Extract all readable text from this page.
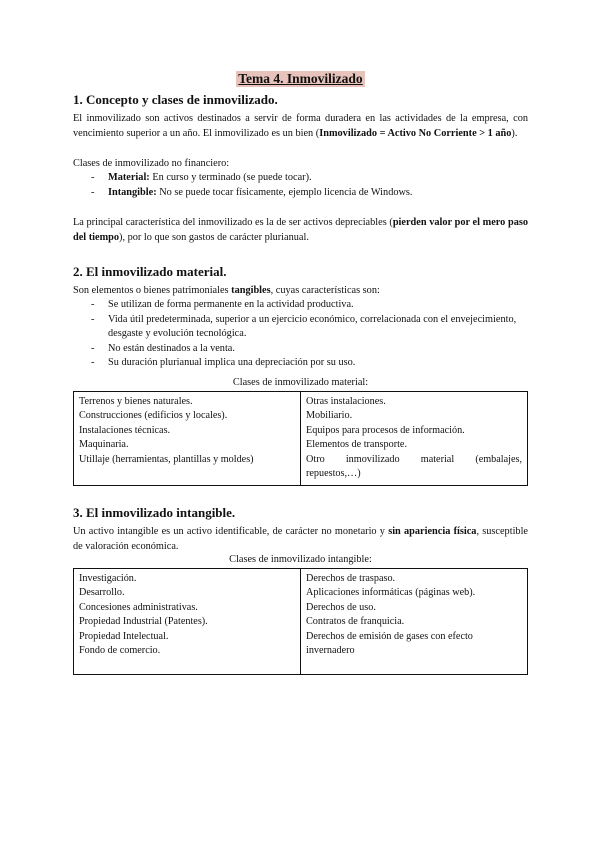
Tema 4. Inmovilizado
1. Concepto y clases de inmovilizado.

El inmovilizado son activos destinados a servir de forma duradera en las actividades de la empresa, con vencimiento superior a un año. El inmovilizado es un bien (Inmovilizado = Activo No Corriente > 1 año).

Clases de inmovilizado no financiero:

- Material: En curso y terminado (se puede tocar).
- Intangible: No se puede tocar físicamente, ejemplo licencia de Windows.

La principal característica del inmovilizado es la de ser activos depreciables (pierden valor por el mero paso del tiempo), por lo que son gastos de carácter plurianual.

2. El inmovilizado material.

Son elementos o bienes patrimoniales tangibles, cuyas características son:

- Se utilizan de forma permanente en la actividad productiva.
- Vida útil predeterminada, superior a un ejercicio económico, correlacionada con el envejecimiento, desgaste y evolución tecnológica.
- No están destinados a la venta.
- Su duración plurianual implica una depreciación por su uso.
Clases de inmovilizado material:
Terrenos y bienes naturales.
Construcciones (edificios y locales).
Instalaciones técnicas.
Maquinaria.
Utillaje (herramientas, plantillas y moldes)

Otras instalaciones.
Mobiliario.
Equipos para procesos de información.
Elementos de transporte.
Otro inmovilizado material (embalajes, repuestos,…)
3. El inmovilizado intangible.

Un activo intangible es un activo identificable, de carácter no monetario y sin apariencia física, susceptible de valoración económica.

Clases de inmovilizado intangible:
Investigación.
Desarrollo.
Concesiones administrativas.
Propiedad Industrial (Patentes).
Propiedad Intelectual.
Fondo de comercio.

Derechos de traspaso.
Aplicaciones informáticas (páginas web).
Derechos de uso.
Contratos de franquicia.
Derechos de emisión de gases con efecto invernadero
